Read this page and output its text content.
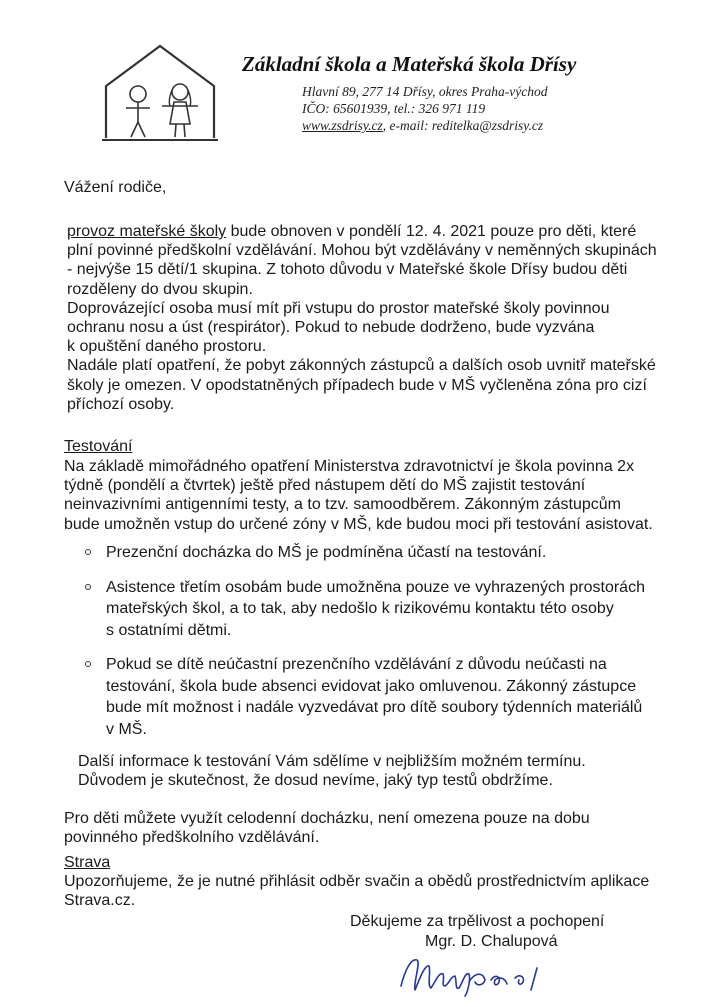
Základní škola a Mateřská škola Dřísy
Hlavní 89, 277 14 Dřísy, okres Praha-východ
IČO: 65601939, tel.: 326 971 119
www.zsdrisy.cz, e-mail: reditelka@zsdrisy.cz
Vážení rodiče,
provoz mateřské školy bude obnoven v pondělí 12. 4. 2021 pouze pro děti, které
plní povinné předškolní vzdělávání. Mohou být vzdělávány v neměnných skupinách
- nejvýše 15 dětí/1 skupina. Z tohoto důvodu v Mateřské škole Dřísy budou děti
rozděleny do dvou skupin.
Doprovázející osoba musí mít při vstupu do prostor mateřské školy povinnou
ochranu nosu a úst (respirátor). Pokud to nebude dodrženo, bude vyzvána
k opuštění daného prostoru.
Nadále platí opatření, že pobyt zákonných zástupců a dalších osob uvnitř mateřské
školy je omezen. V opodstatněných případech bude v MŠ vyčleněna zóna pro cizí
příchozí osoby.
Testování
Na základě mimořádného opatření Ministerstva zdravotnictví je škola povinna 2x
týdně (pondělí a čtvrtek) ještě před nástupem dětí do MŠ zajistit testování
neinvazivními antigenními testy, a to tzv. samoodběrem. Zákonným zástupcům
bude umožněn vstup do určené zóny v MŠ, kde budou moci při testování asistovat.
Prezenční docházka do MŠ je podmíněna účastí na testování.
Asistence třetím osobám bude umožněna pouze ve vyhrazených prostorách
mateřských škol, a to tak, aby nedošlo k rizikovému kontaktu této osoby
s ostatními dětmi.
Pokud se dítě neúčastní prezenčního vzdělávání z důvodu neúčasti na
testování, škola bude absenci evidovat jako omluvenou. Zákonný zástupce
bude mít možnost i nadále vyzvedávat pro dítě soubory týdenních materiálů
v MŠ.
Další informace k testování Vám sdělíme v nejbližším možném termínu.
Důvodem je skutečnost, že dosud nevíme, jaký typ testů obdržíme.
Pro děti můžete využít celodenní docházku, není omezena pouze na dobu
povinného předškolního vzdělávání.
Strava
Upozorňujeme, že je nutné přihlásit odběr svačin a obědů prostřednictvím aplikace
Strava.cz.
Děkujeme za trpělivost a pochopení
Mgr. D. Chalupová
